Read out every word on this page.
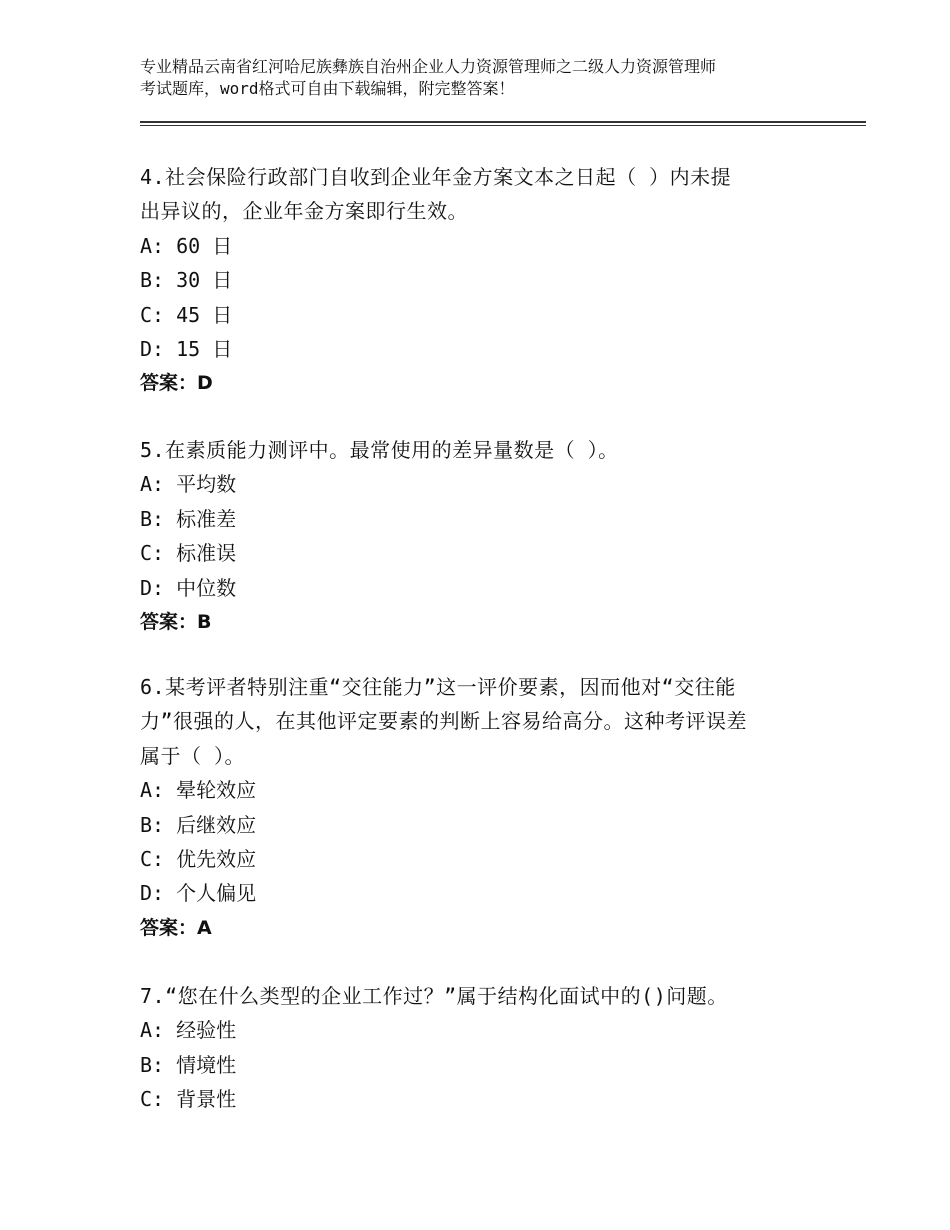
专业精品云南省红河哈尼族彝族自治州企业人力资源管理师之二级人力资源管理师
考试题库，word格式可自由下载编辑，附完整答案！
4.社会保险行政部门自收到企业年金方案文本之日起（ ）内未提
出异议的，企业年金方案即行生效。
A: 60 日
B: 30 日
C: 45 日
D: 15 日
答案：D
5.在素质能力测评中。最常使用的差异量数是（ ）。
A: 平均数
B: 标准差
C: 标准误
D: 中位数
答案：B
6.某考评者特别注重“交往能力”这一评价要素，因而他对“交往能
力”很强的人，在其他评定要素的判断上容易给高分。这种考评误差
属于（ ）。
A: 晕轮效应
B: 后继效应
C: 优先效应
D: 个人偏见
答案：A
7.“您在什么类型的企业工作过？”属于结构化面试中的()问题。
A: 经验性
B: 情境性
C: 背景性
